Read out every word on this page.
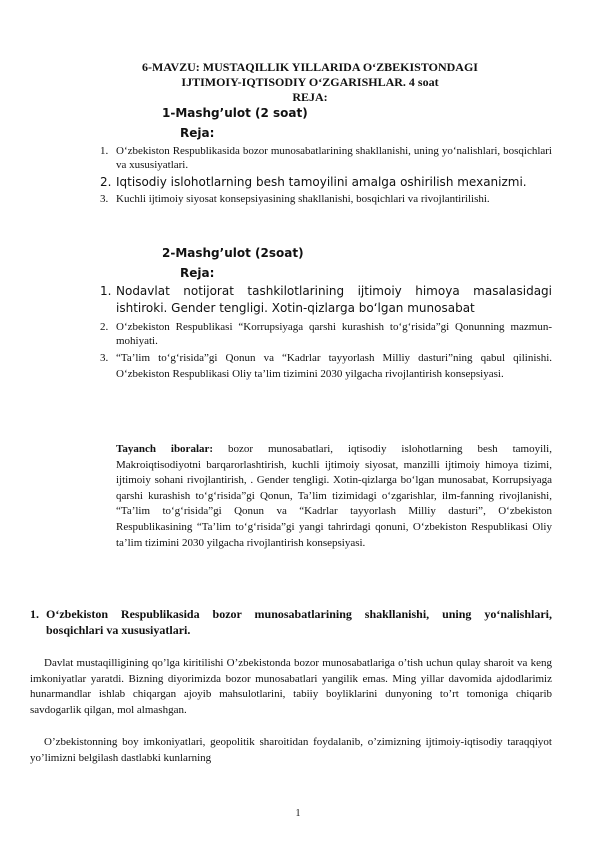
6-MAVZU: MUSTAQILLIK YILLARIDA O‘ZBEKISTONDAGI
IJTIMOIY-IQTISODIY O‘ZGARISHLAR. 4 soat
REJA:
1-Mashg’ulot (2 soat)
Reja:
1. O‘zbekiston Respublikasida bozor munosabatlarining shakllanishi, uning yo‘nalishlari, bosqichlari va xususiyatlari.
2. Iqtisodiy islohotlarning besh tamoyilini amalga oshirilish mexanizmi.
3. Kuchli ijtimoiy siyosat konsepsiyasining shakllanishi, bosqichlari va rivojlantirilishi.
2-Mashg’ulot (2soat)
Reja:
1. Nodavlat notijorat tashkilotlarining ijtimoiy himoya masalasidagi ishtiroki. Gender tengligi. Xotin-qizlarga bo‘lgan munosabat
2. O‘zbekiston Respublikasi “Korrupsiyaga qarshi kurashish to‘g‘risida”gi Qonunning mazmun-mohiyati.
3. “Ta’lim to‘g‘risida”gi Qonun va “Kadrlar tayyorlash Milliy dasturi”ning qabul qilinishi. O‘zbekiston Respublikasi Oliy ta’lim tizimini 2030 yilgacha rivojlantirish konsepsiyasi.
Tayanch iboralar: bozor munosabatlari, iqtisodiy islohotlarning besh tamoyili, Makroiqtisodiyotni barqarorlashtirish, kuchli ijtimoiy siyosat, manzilli ijtimoiy himoya tizimi, ijtimoiy sohani rivojlantirish, . Gender tengligi. Xotin-qizlarga bo‘lgan munosabat, Korrupsiyaga qarshi kurashish to‘g‘risida”gi Qonun, Ta’lim tizimidagi o‘zgarishlar, ilm-fanning rivojlanishi, “Ta’lim to‘g‘risida”gi Qonun va “Kadrlar tayyorlash Milliy dasturi”, O‘zbekiston Respublikasining “Ta’lim to‘g‘risida”gi yangi tahrirdagi qonuni, O‘zbekiston Respublikasi Oliy ta’lim tizimini 2030 yilgacha rivojlantirish konsepsiyasi.
1. O‘zbekiston Respublikasida bozor munosabatlarining shakllanishi, uning yo‘nalishlari, bosqichlari va xususiyatlari.
Davlat mustaqilligining qo’lga kiritilishi O’zbekistonda bozor munosabatlariga o’tish uchun qulay sharoit va keng imkoniyatlar yaratdi. Bizning diyorimizda bozor munosabatlari yangilik emas. Ming yillar davomida ajdodlarimiz hunarmandlar ishlab chiqargan ajoyib mahsulotlarini, tabiiy boyliklarini dunyoning to’rt tomoniga chiqarib savdogarlik qilgan, mol almashgan.
O’zbekistonning boy imkoniyatlari, geopolitik sharoitidan foydalanib, o’zimizning ijtimoiy-iqtisodiy taraqqiyot yo’limizni belgilash dastlabki kunlarning
1
